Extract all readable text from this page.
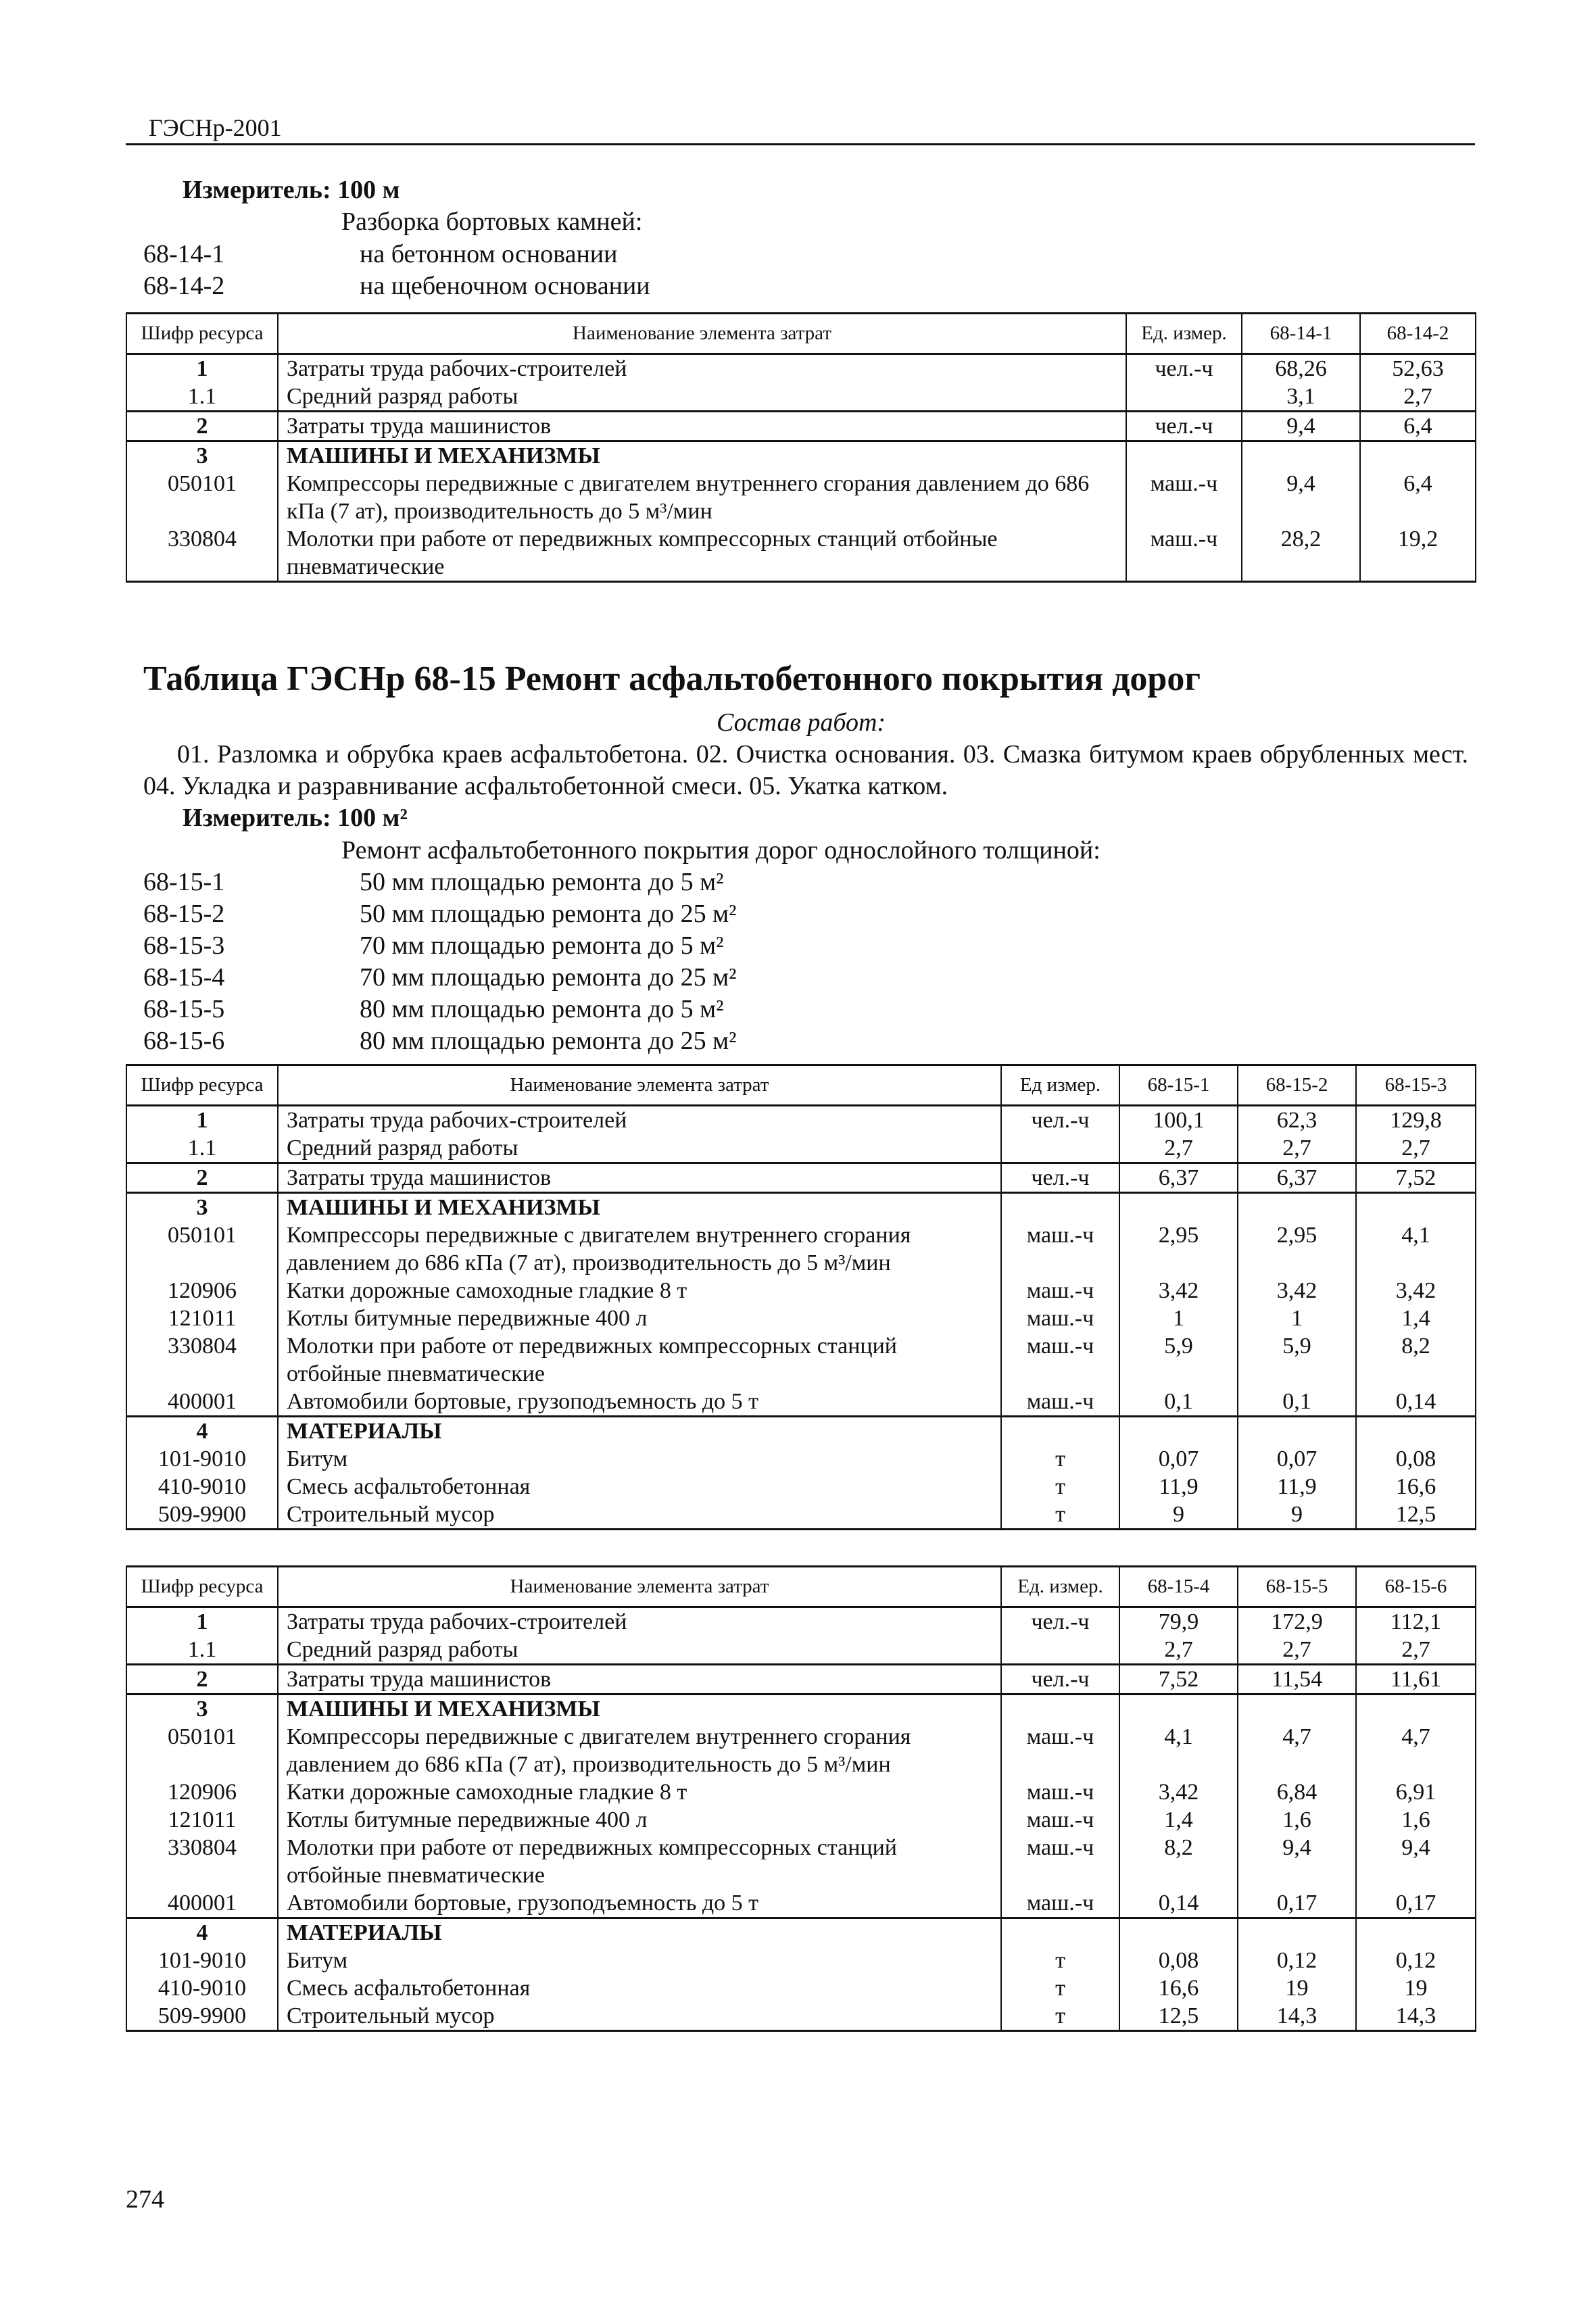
ГЭСНр-2001
Измеритель: 100 м
Разборка бортовых камней:
68-14-1	на бетонном основании
68-14-2	на щебеночном основании
Шифр ресурса	Наименование элемента затрат	Ед. измер.	68-14-1	68-14-2
1	Затраты труда рабочих-строителей	чел.-ч	68,26	52,63
1.1	Средний разряд работы		3,1	2,7
2	Затраты труда машинистов	чел.-ч	9,4	6,4
3	МАШИНЫ И МЕХАНИЗМЫ			
050101	Компрессоры передвижные с двигателем внутреннего сгорания давлением до 686 кПа (7 ат), производительность до 5 м³/мин	маш.-ч	9,4	6,4
330804	Молотки при работе от передвижных компрессорных станций отбойные пневматические	маш.-ч	28,2	19,2
Таблица ГЭСНр 68-15 Ремонт асфальтобетонного покрытия дорог
Состав работ:
01. Разломка и обрубка краев асфальтобетона. 02. Очистка основания. 03. Смазка битумом краев обрубленных мест. 04. Укладка и разравнивание асфальтобетонной смеси. 05. Укатка катком.
Измеритель: 100 м²
Ремонт асфальтобетонного покрытия дорог однослойного толщиной:
68-15-1	50 мм площадью ремонта до 5 м²
68-15-2	50 мм площадью ремонта до 25 м²
68-15-3	70 мм площадью ремонта до 5 м²
68-15-4	70 мм площадью ремонта до 25 м²
68-15-5	80 мм площадью ремонта до 5 м²
68-15-6	80 мм площадью ремонта до 25 м²
Шифр ресурса	Наименование элемента затрат	Ед измер.	68-15-1	68-15-2	68-15-3
1	Затраты труда рабочих-строителей	чел.-ч	100,1	62,3	129,8
1.1	Средний разряд работы		2,7	2,7	2,7
2	Затраты труда машинистов	чел.-ч	6,37	6,37	7,52
3	МАШИНЫ И МЕХАНИЗМЫ				
050101	Компрессоры передвижные с двигателем внутреннего сгорания давлением до 686 кПа (7 ат), производительность до 5 м³/мин	маш.-ч	2,95	2,95	4,1
120906	Катки дорожные самоходные гладкие 8 т	маш.-ч	3,42	3,42	3,42
121011	Котлы битумные передвижные 400 л	маш.-ч	1	1	1,4
330804	Молотки при работе от передвижных компрессорных станций отбойные пневматические	маш.-ч	5,9	5,9	8,2
400001	Автомобили бортовые, грузоподъемность до 5 т	маш.-ч	0,1	0,1	0,14
4	МАТЕРИАЛЫ				
101-9010	Битум	т	0,07	0,07	0,08
410-9010	Смесь асфальтобетонная	т	11,9	11,9	16,6
509-9900	Строительный мусор	т	9	9	12,5
Шифр ресурса	Наименование элемента затрат	Ед. измер.	68-15-4	68-15-5	68-15-6
1	Затраты труда рабочих-строителей	чел.-ч	79,9	172,9	112,1
1.1	Средний разряд работы		2,7	2,7	2,7
2	Затраты труда машинистов	чел.-ч	7,52	11,54	11,61
3	МАШИНЫ И МЕХАНИЗМЫ				
050101	Компрессоры передвижные с двигателем внутреннего сгорания давлением до 686 кПа (7 ат), производительность до 5 м³/мин	маш.-ч	4,1	4,7	4,7
120906	Катки дорожные самоходные гладкие 8 т	маш.-ч	3,42	6,84	6,91
121011	Котлы битумные передвижные 400 л	маш.-ч	1,4	1,6	1,6
330804	Молотки при работе от передвижных компрессорных станций отбойные пневматические	маш.-ч	8,2	9,4	9,4
400001	Автомобили бортовые, грузоподъемность до 5 т	маш.-ч	0,14	0,17	0,17
4	МАТЕРИАЛЫ				
101-9010	Битум	т	0,08	0,12	0,12
410-9010	Смесь асфальтобетонная	т	16,6	19	19
509-9900	Строительный мусор	т	12,5	14,3	14,3
274
